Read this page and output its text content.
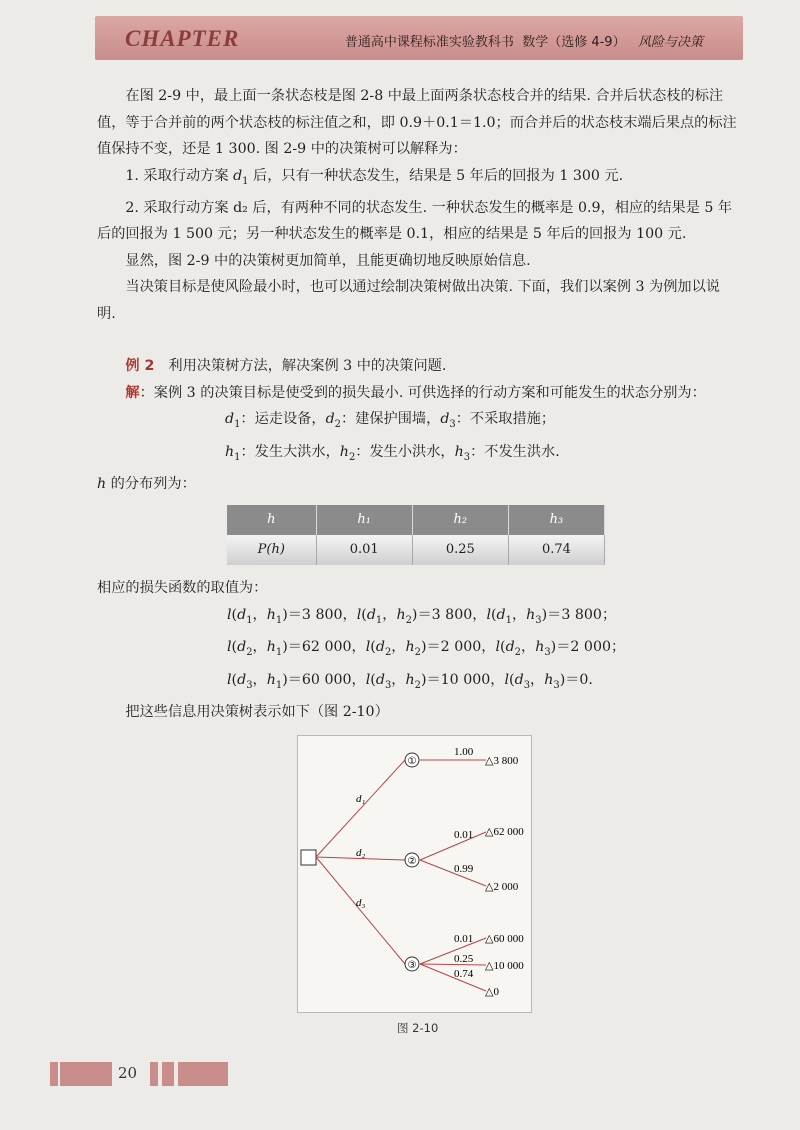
CHAPTER	普通高中课程标准实验教科书 数学（选修 4-9） 风险与决策

在图 2-9 中，最上面一条状态枝是图 2-8 中最上面两条状态枝合并的结果. 合并后状态枝的标注值，等于合并前的两个状态枝的标注值之和，即 0.9＋0.1＝1.0；而合并后的状态枝末端后果点的标注值保持不变，还是 1 300. 图 2-9 中的决策树可以解释为：

1. 采取行动方案 $d_1$ 后，只有一种状态发生，结果是 5 年后的回报为 1 300 元.

2. 采取行动方案 d₂ 后，有两种不同的状态发生. 一种状态发生的概率是 0.9，相应的结果是 5 年后的回报为 1 500 元；另一种状态发生的概率是 0.1，相应的结果是 5 年后的回报为 100 元.

显然，图 2-9 中的决策树更加简单，且能更确切地反映原始信息.

当决策目标是使风险最小时，也可以通过绘制决策树做出决策. 下面，我们以案例 3 为例加以说明.

例 2 利用决策树方法，解决案例 3 中的决策问题.

解：案例 3 的决策目标是使受到的损失最小. 可供选择的行动方案和可能发生的状态分别为：

$d_1$：运走设备，$d_2$：建保护围墙，$d_3$：不采取措施；

$h_1$：发生大洪水，$h_2$：发生小洪水，$h_3$：不发生洪水.

h 的分布列为：

h	h₁	h₂	h₃
P(h)	0.01	0.25	0.74

相应的损失函数的取值为：

$l(d_1$，$h_1)=3$ 800，$l(d_1$，$h_2)=3$ 800，$l(d_1$，$h_3)=3$ 800；

$l(d_2$，$h_1)=62$ 000，$l(d_2$，$h_2)=2$ 000，$l(d_2$，$h_3)=2$ 000；

$l(d_3$，$h_1)=60$ 000，$l(d_3$，$h_2)=10$ 000，$l(d_3$，$h_3)=0$.

把这些信息用决策树表示如下（图 2-10）

①
②
③
d₁
d₂
d₃
1.00
0.01
0.99
0.01
0.25
0.74
△3 800
△62 000
△2 000
△60 000
△10 000
△0
图 2-10
20
